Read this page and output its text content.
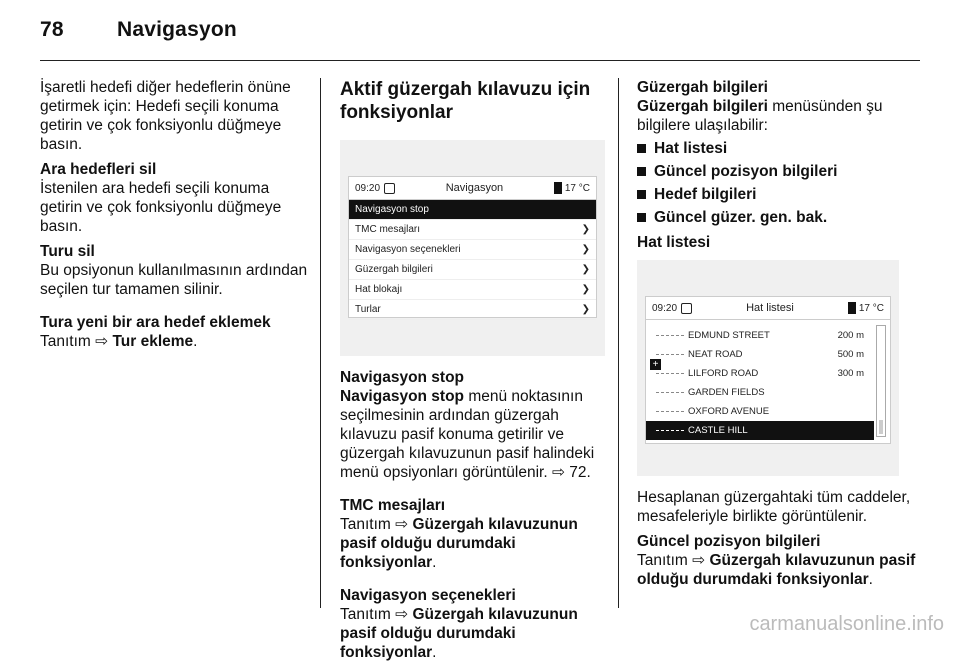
78	Navigasyon

İşaretli hedefi diğer hedeflerin önüne getirmek için: Hedefi seçili konuma getirin ve çok fonksiyonlu düğmeye basın.

Ara hedefleri sil

İstenilen ara hedefi seçili konuma getirin ve çok fonksiyonlu düğmeye basın.

Turu sil

Bu opsiyonun kullanılmasının ardından seçilen tur tamamen silinir.

Tura yeni bir ara hedef eklemek

Tanıtım ⇨ Tur ekleme.

Aktif güzergah kılavuzu için fonksiyonlar

09:20	Navigasyon	17 °C
Navigasyon stop
TMC mesajları	❯
Navigasyon seçenekleri	❯
Güzergah bilgileri	❯
Hat blokajı	❯
Turlar	❯

Navigasyon stop

Navigasyon stop menü noktasının seçilmesinin ardından güzergah kılavuzu pasif konuma getirilir ve güzergah kılavuzunun pasif halindeki menü opsiyonları görüntülenir. ⇨ 72.

TMC mesajları

Tanıtım ⇨ Güzergah kılavuzunun pasif olduğu durumdaki fonksiyonlar.

Navigasyon seçenekleri

Tanıtım ⇨ Güzergah kılavuzunun pasif olduğu durumdaki fonksiyonlar.

Güzergah bilgileri

Güzergah bilgileri menüsünden şu bilgilere ulaşılabilir:

Hat listesi
Güncel pozisyon bilgileri
Hedef bilgileri
Güncel güzer. gen. bak.

Hat listesi

09:20	Hat listesi	17 °C
EDMUND STREET	200 m
NEAT ROAD	500 m
LILFORD ROAD	300 m
GARDEN FIELDS
OXFORD AVENUE
CASTLE HILL
+

Hesaplanan güzergahtaki tüm caddeler, mesafeleriyle birlikte görüntülenir.

Güncel pozisyon bilgileri

Tanıtım ⇨ Güzergah kılavuzunun pasif olduğu durumdaki fonksiyonlar.

carmanualsonline.info
